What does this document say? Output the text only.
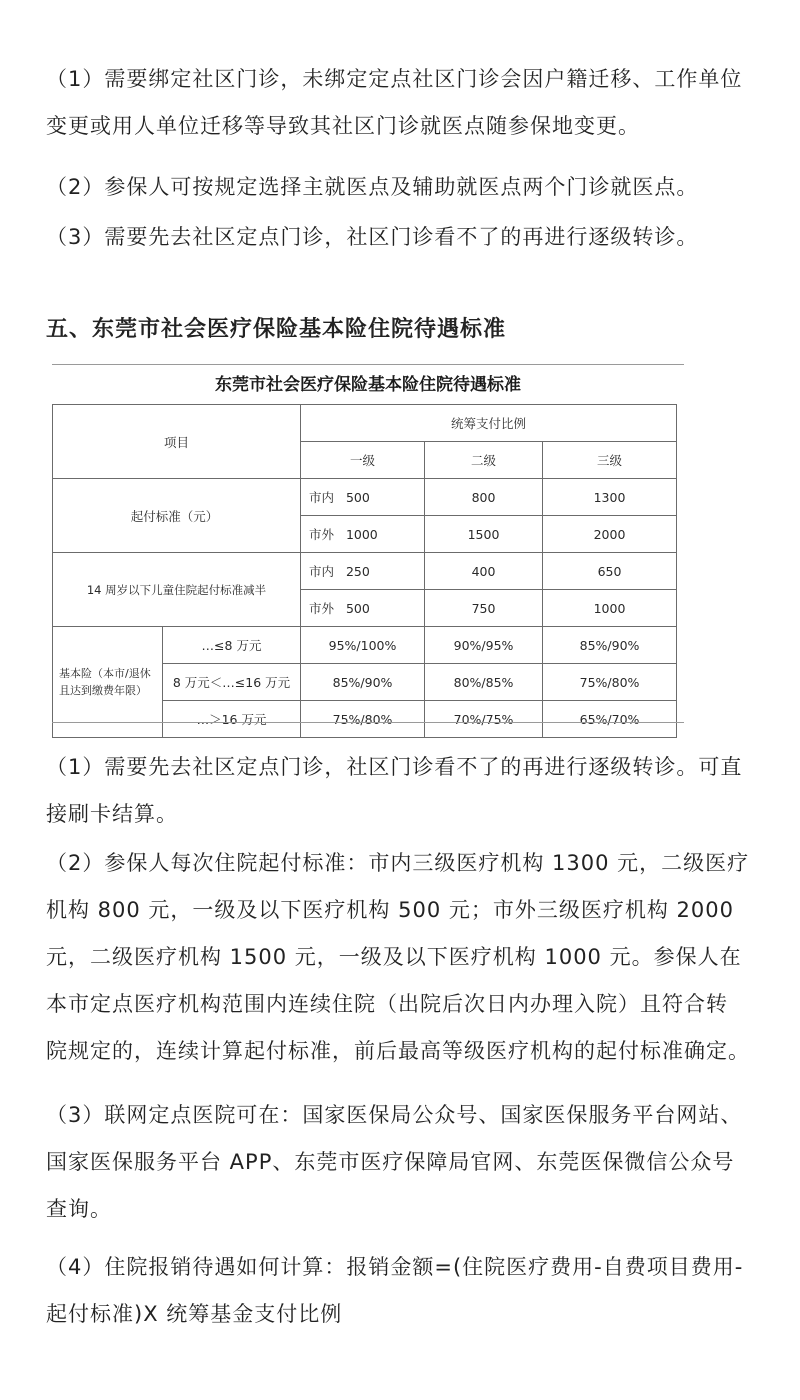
（1）需要绑定社区门诊，未绑定定点社区门诊会因户籍迁移、工作单位
变更或用人单位迁移等导致其社区门诊就医点随参保地变更。

（2）参保人可按规定选择主就医点及辅助就医点两个门诊就医点。

（3）需要先去社区定点门诊，社区门诊看不了的再进行逐级转诊。

五、东莞市社会医疗保险基本险住院待遇标准

东莞市社会医疗保险基本险住院待遇标准

项目		统筹支付比例		
		一级	二级	三级
起付标准（元）		市内 500	800	1300
		市外 1000	1500	2000
14 周岁以下儿童住院起付标准减半		市内 250	400	650
		市外 500	750	1000
基本险（本市/退休且达到缴费年限）	…≤8 万元	95%/100%	90%/95%	85%/90%
	8 万元＜…≤16 万元	85%/90%	80%/85%	75%/80%
	…＞16 万元	75%/80%	70%/75%	65%/70%

（1）需要先去社区定点门诊，社区门诊看不了的再进行逐级转诊。可直
接刷卡结算。

（2）参保人每次住院起付标准：市内三级医疗机构 1300 元，二级医疗
机构 800 元，一级及以下医疗机构 500 元；市外三级医疗机构 2000
元，二级医疗机构 1500 元，一级及以下医疗机构 1000 元。参保人在
本市定点医疗机构范围内连续住院（出院后次日内办理入院）且符合转
院规定的，连续计算起付标准，前后最高等级医疗机构的起付标准确定。

（3）联网定点医院可在：国家医保局公众号、国家医保服务平台网站、
国家医保服务平台 APP、东莞市医疗保障局官网、东莞医保微信公众号
查询。

（4）住院报销待遇如何计算：报销金额=(住院医疗费用-自费项目费用-
起付标准)X 统筹基金支付比例
